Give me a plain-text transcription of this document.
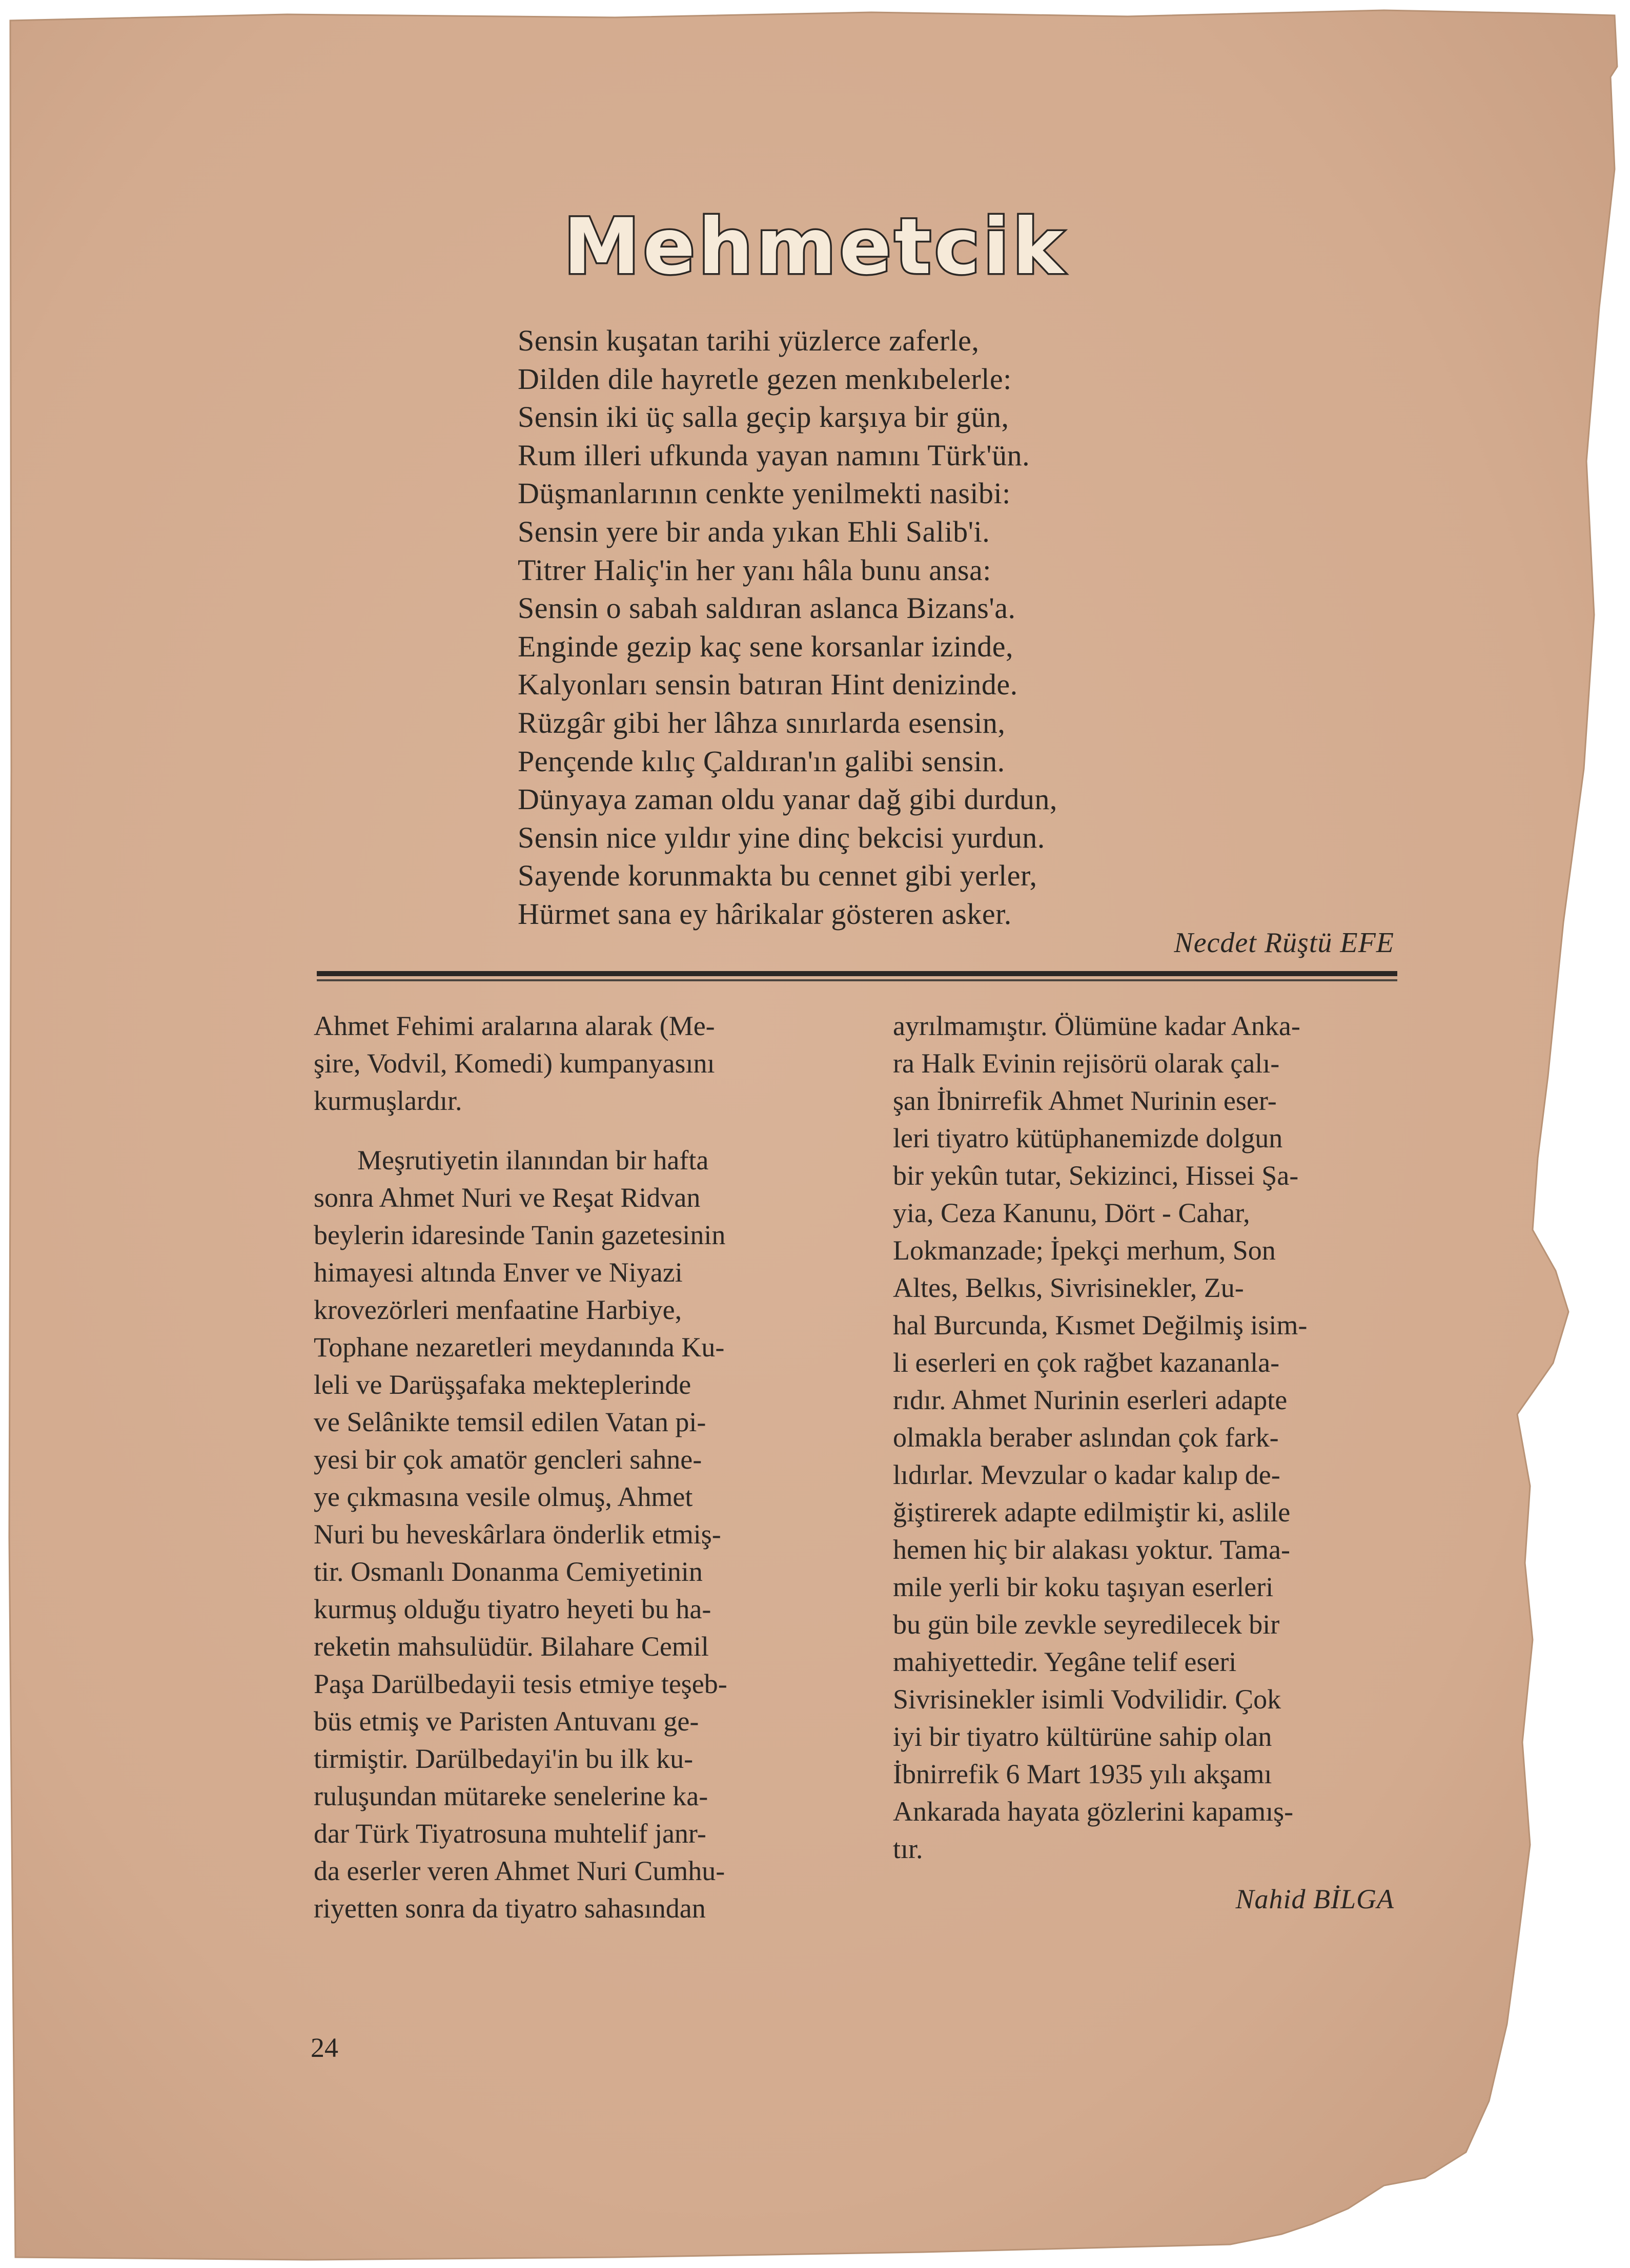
Mehmetcik
Sensin kuşatan tarihi yüzlerce zaferle,
Dilden dile hayretle gezen menkıbelerle:
Sensin iki üç salla geçip karşıya bir gün,
Rum illeri ufkunda yayan namını Türk'ün.
Düşmanlarının cenkte yenilmekti nasibi:
Sensin yere bir anda yıkan Ehli Salib'i.
Titrer Haliç'in her yanı hâla bunu ansa:
Sensin o sabah saldıran aslanca Bizans'a.
Enginde gezip kaç sene korsanlar izinde,
Kalyonları sensin batıran Hint denizinde.
Rüzgâr gibi her lâhza sınırlarda esensin,
Pençende kılıç Çaldıran'ın galibi sensin.
Dünyaya zaman oldu yanar dağ gibi durdun,
Sensin nice yıldır yine dinç bekcisi yurdun.
Sayende korunmakta bu cennet gibi yerler,
Hürmet sana ey hârikalar gösteren asker.
Necdet Rüştü EFE
Ahmet Fehimi aralarına alarak (Me-
şire, Vodvil, Komedi) kumpanyasını
kurmuşlardır.
Meşrutiyetin ilanından bir hafta
sonra Ahmet Nuri ve Reşat Ridvan
beylerin idaresinde Tanin gazetesinin
himayesi altında Enver ve Niyazi
krovezörleri menfaatine Harbiye,
Tophane nezaretleri meydanında Ku-
leli ve Darüşşafaka mekteplerinde
ve Selânikte temsil edilen Vatan pi-
yesi bir çok amatör gencleri sahne-
ye çıkmasına vesile olmuş, Ahmet
Nuri bu heveskârlara önderlik etmiş-
tir. Osmanlı Donanma Cemiyetinin
kurmuş olduğu tiyatro heyeti bu ha-
reketin mahsulüdür. Bilahare Cemil
Paşa Darülbedayii tesis etmiye teşeb-
büs etmiş ve Paristen Antuvanı ge-
tirmiştir. Darülbedayi'in bu ilk ku-
ruluşundan mütareke senelerine ka-
dar Türk Tiyatrosuna muhtelif janr-
da eserler veren Ahmet Nuri Cumhu-
riyetten sonra da tiyatro sahasından
ayrılmamıştır. Ölümüne kadar Anka-
ra Halk Evinin rejisörü olarak çalı-
şan İbnirrefik Ahmet Nurinin eser-
leri tiyatro kütüphanemizde dolgun
bir yekûn tutar, Sekizinci, Hissei Şa-
yia, Ceza Kanunu, Dört - Cahar,
Lokmanzade; İpekçi merhum, Son
Altes, Belkıs, Sivrisinekler, Zu-
hal Burcunda, Kısmet Değilmiş isim-
li eserleri en çok rağbet kazananla-
rıdır. Ahmet Nurinin eserleri adapte
olmakla beraber aslından çok fark-
lıdırlar. Mevzular o kadar kalıp de-
ğiştirerek adapte edilmiştir ki, aslile
hemen hiç bir alakası yoktur. Tama-
mile yerli bir koku taşıyan eserleri
bu gün bile zevkle seyredilecek bir
mahiyettedir. Yegâne telif eseri
Sivrisinekler isimli Vodvilidir. Çok
iyi bir tiyatro kültürüne sahip olan
İbnirrefik 6 Mart 1935 yılı akşamı
Ankarada hayata gözlerini kapamış-
tır.
Nahid BİLGA
24
